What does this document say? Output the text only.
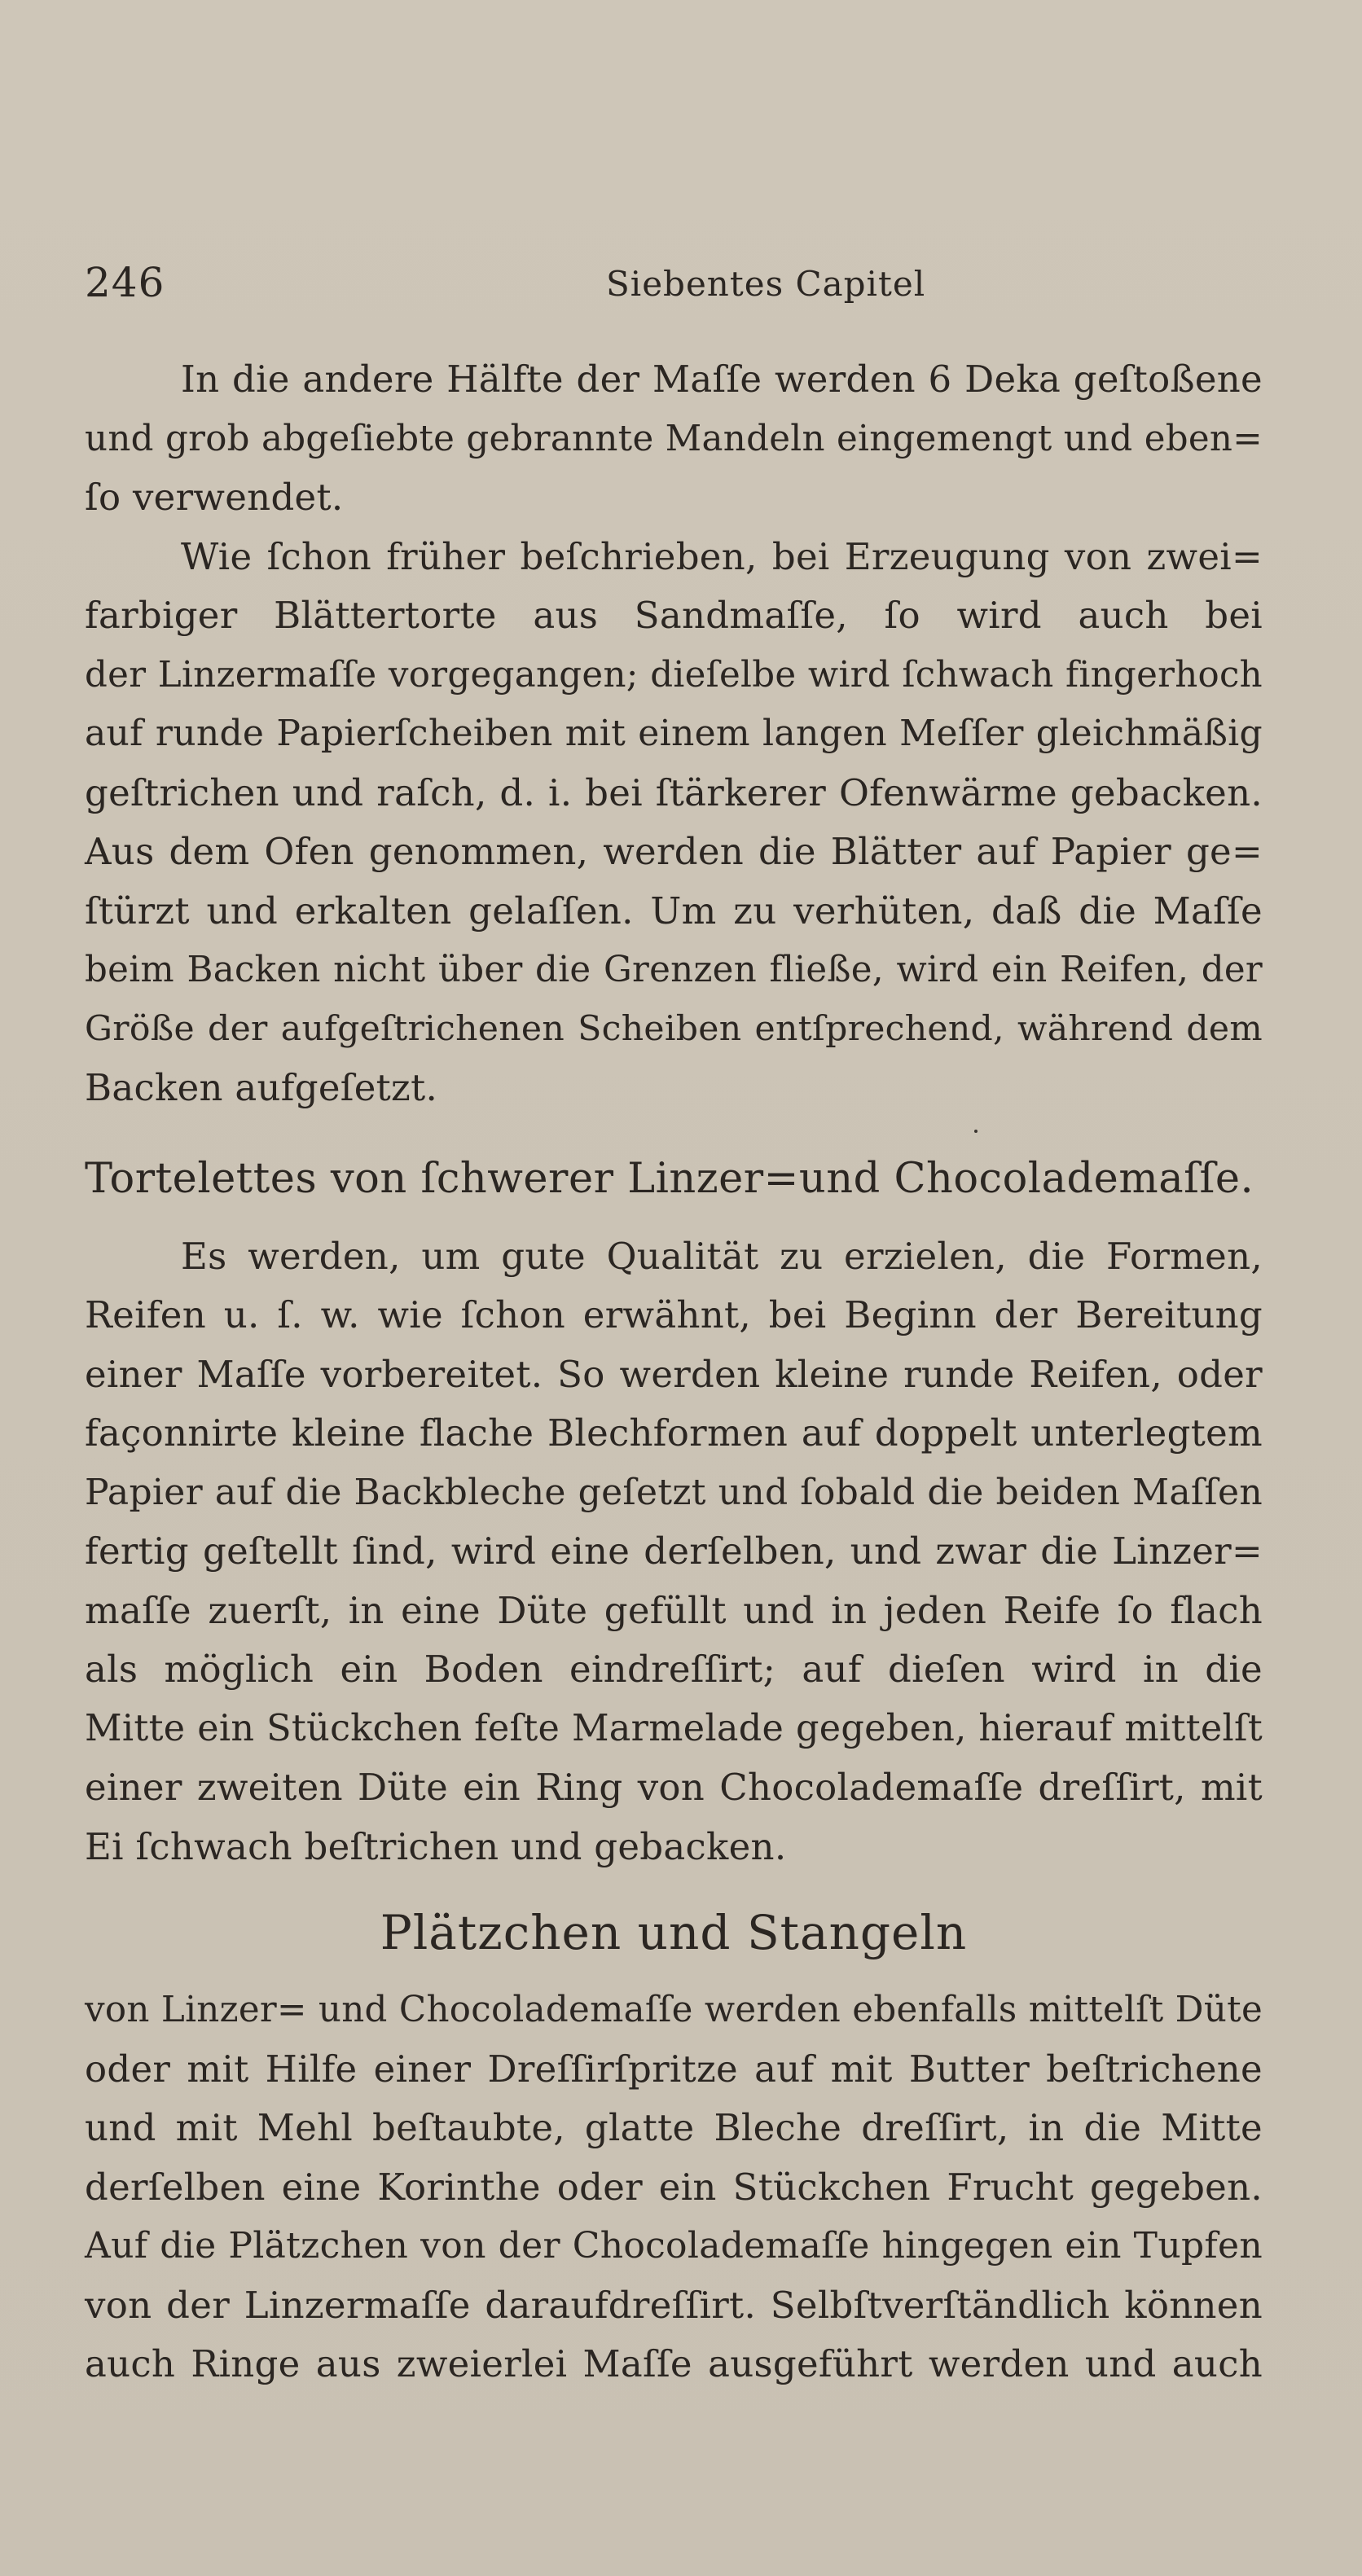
246	Siebentes Capitel
In die andere Hälfte der Maſſe werden 6 Deka geſtoßene
und grob abgeſiebte gebrannte Mandeln eingemengt und eben=
ſo verwendet.
Wie ſchon früher beſchrieben, bei Erzeugung von zwei=
farbiger Blättertorte aus Sandmaſſe, ſo wird auch bei
der Linzermaſſe vorgegangen; dieſelbe wird ſchwach fingerhoch
auf runde Papierſcheiben mit einem langen Meſſer gleichmäßig
geſtrichen und raſch, d. i. bei ſtärkerer Ofenwärme gebacken.
Aus dem Ofen genommen, werden die Blätter auf Papier ge=
ſtürzt und erkalten gelaſſen. Um zu verhüten, daß die Maſſe
beim Backen nicht über die Grenzen fließe, wird ein Reifen, der
Größe der aufgeſtrichenen Scheiben entſprechend, während dem
Backen aufgeſetzt.
Tortelettes von ſchwerer Linzer=und Chocolademaſſe.
Es werden, um gute Qualität zu erzielen, die Formen,
Reifen u. ſ. w. wie ſchon erwähnt, bei Beginn der Bereitung
einer Maſſe vorbereitet. So werden kleine runde Reifen, oder
façonnirte kleine flache Blechformen auf doppelt unterlegtem
Papier auf die Backbleche geſetzt und ſobald die beiden Maſſen
fertig geſtellt ſind, wird eine derſelben, und zwar die Linzer=
maſſe zuerſt, in eine Düte gefüllt und in jeden Reife ſo flach
als möglich ein Boden eindreſſirt; auf dieſen wird in die
Mitte ein Stückchen feſte Marmelade gegeben, hierauf mittelſt
einer zweiten Düte ein Ring von Chocolademaſſe dreſſirt, mit
Ei ſchwach beſtrichen und gebacken.
Plätzchen und Stangeln
von Linzer= und Chocolademaſſe werden ebenfalls mittelſt Düte
oder mit Hilfe einer Dreſſirſpritze auf mit Butter beſtrichene
und mit Mehl beſtaubte, glatte Bleche dreſſirt, in die Mitte
derſelben eine Korinthe oder ein Stückchen Frucht gegeben.
Auf die Plätzchen von der Chocolademaſſe hingegen ein Tupfen
von der Linzermaſſe daraufdreſſirt. Selbſtverſtändlich können
auch Ringe aus zweierlei Maſſe ausgeführt werden und auch
